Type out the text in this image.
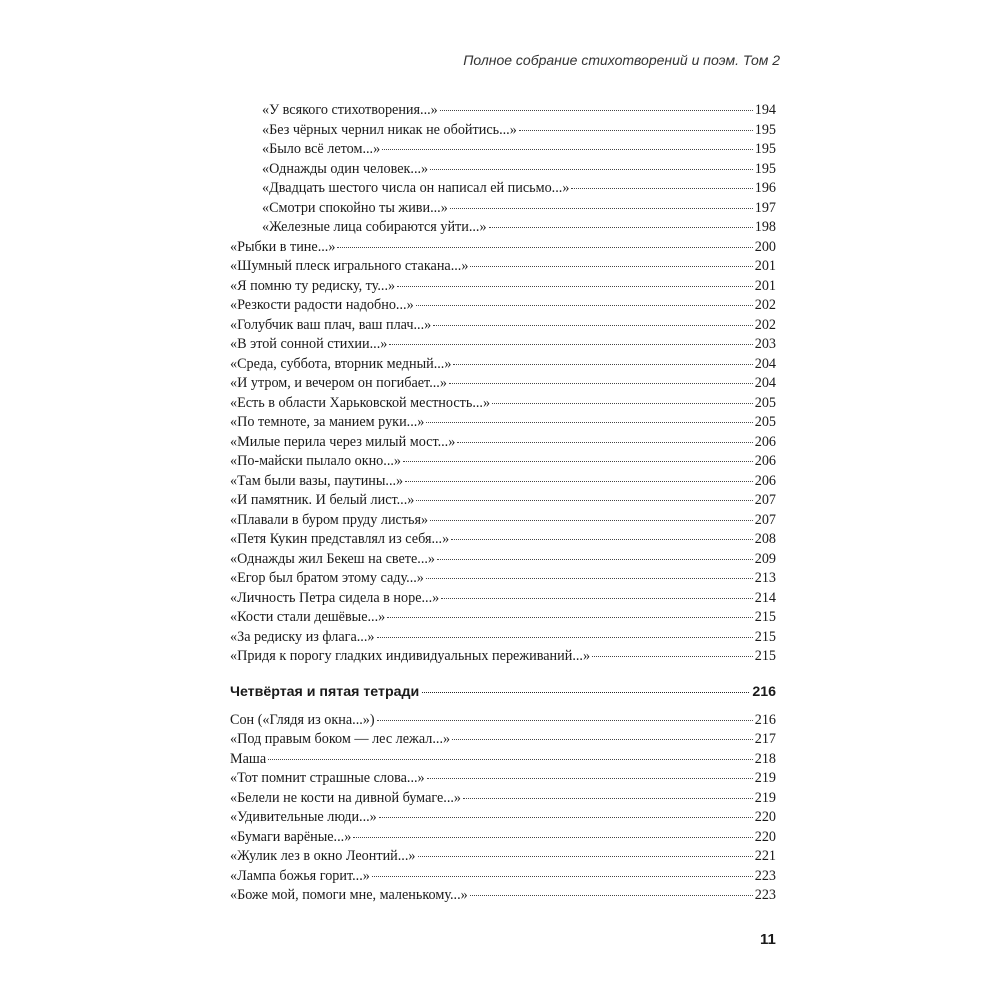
Полное собрание стихотворений и поэм. Том 2
«У всякого стихотворения...»	194
«Без чёрных чернил никак не обойтись...»	195
«Было всё летом...»	195
«Однажды один человек...»	195
«Двадцать шестого числа он написал ей письмо...»	196
«Смотри спокойно ты живи...»	197
«Железные лица собираются уйти...»	198
«Рыбки в тине...»	200
«Шумный плеск игрального стакана...»	201
«Я помню ту редиску, ту...»	201
«Резкости радости надобно...»	202
«Голубчик ваш плач, ваш плач...»	202
«В этой сонной стихии...»	203
«Среда, суббота, вторник медный...»	204
«И утром, и вечером он погибает...»	204
«Есть в области Харьковской местность...»	205
«По темноте, за манием руки...»	205
«Милые перила через милый мост...»	206
«По-майски пылало окно...»	206
«Там были вазы, паутины...»	206
«И памятник. И белый лист...»	207
«Плавали в буром пруду листья»	207
«Петя Кукин представлял из себя...»	208
«Однажды жил Бекеш на свете...»	209
«Егор был братом этому саду...»	213
«Личность Петра сидела в норе...»	214
«Кости стали дешёвые...»	215
«За редиску из флага...»	215
«Придя к порогу гладких индивидуальных переживаний...»	215
Четвёртая и пятая тетради	216
Сон («Глядя из окна...»)	216
«Под правым боком — лес лежал...»	217
Маша	218
«Тот помнит страшные слова...»	219
«Белели не кости на дивной бумаге...»	219
«Удивительные люди...»	220
«Бумаги варёные...»	220
«Жулик лез в окно Леонтий...»	221
«Лампа божья горит...»	223
«Боже мой, помоги мне, маленькому...»	223
11
